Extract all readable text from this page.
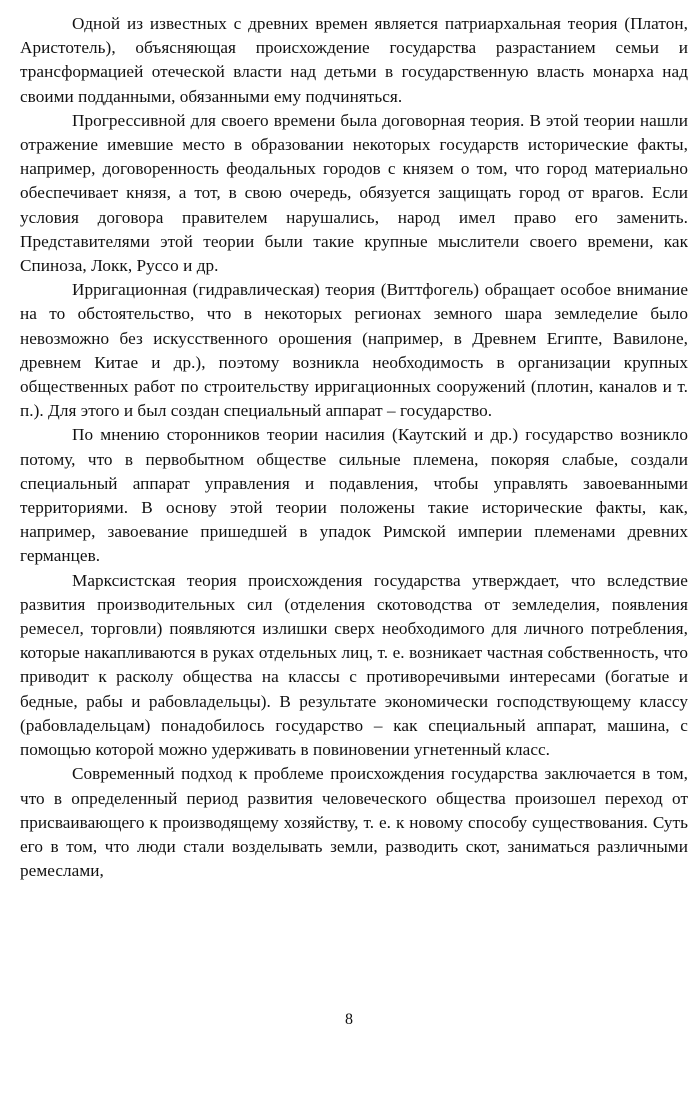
Одной из известных с древних времен является патриархальная теория (Платон, Аристотель), объясняющая происхождение государства разрастанием семьи и трансформацией отеческой власти над детьми в государственную власть монарха над своими подданными, обязанными ему подчиняться.

Прогрессивной для своего времени была договорная теория. В этой теории нашли отражение имевшие место в образовании некоторых государств исторические факты, например, договоренность феодальных городов с князем о том, что город материально обеспечивает князя, а тот, в свою очередь, обязуется защищать город от врагов. Если условия договора правителем нарушались, народ имел право его заменить. Представителями этой теории были такие крупные мыслители своего времени, как Спиноза, Локк, Руссо и др.

Ирригационная (гидравлическая) теория (Виттфогель) обращает особое внимание на то обстоятельство, что в некоторых регионах земного шара земледелие было невозможно без искусственного орошения (например, в Древнем Египте, Вавилоне, древнем Китае и др.), поэтому возникла необходимость в организации крупных общественных работ по строительству ирригационных сооружений (плотин, каналов и т. п.). Для этого и был создан специальный аппарат – государство.

По мнению сторонников теории насилия (Каутский и др.) государство возникло потому, что в первобытном обществе сильные племена, покоряя слабые, создали специальный аппарат управления и подавления, чтобы управлять завоеванными территориями. В основу этой теории положены такие исторические факты, как, например, завоевание пришедшей в упадок Римской империи племенами древних германцев.

Марксистская теория происхождения государства утверждает, что вследствие развития производительных сил (отделения скотоводства от земледелия, появления ремесел, торговли) появляются излишки сверх необходимого для личного потребления, которые накапливаются в руках отдельных лиц, т. е. возникает частная собственность, что приводит к расколу общества на классы с противоречивыми интересами (богатые и бедные, рабы и рабовладельцы). В результате экономически господствующему классу (рабовладельцам) понадобилось государство – как специальный аппарат, машина, с помощью которой можно удерживать в повиновении угнетенный класс.

Современный подход к проблеме происхождения государства заключается в том, что в определенный период развития человеческого общества произошел переход от присваивающего к производящему хозяйству, т. е. к новому способу существования. Суть его в том, что люди стали возделывать земли, разводить скот, заниматься различными ремеслами,

8
